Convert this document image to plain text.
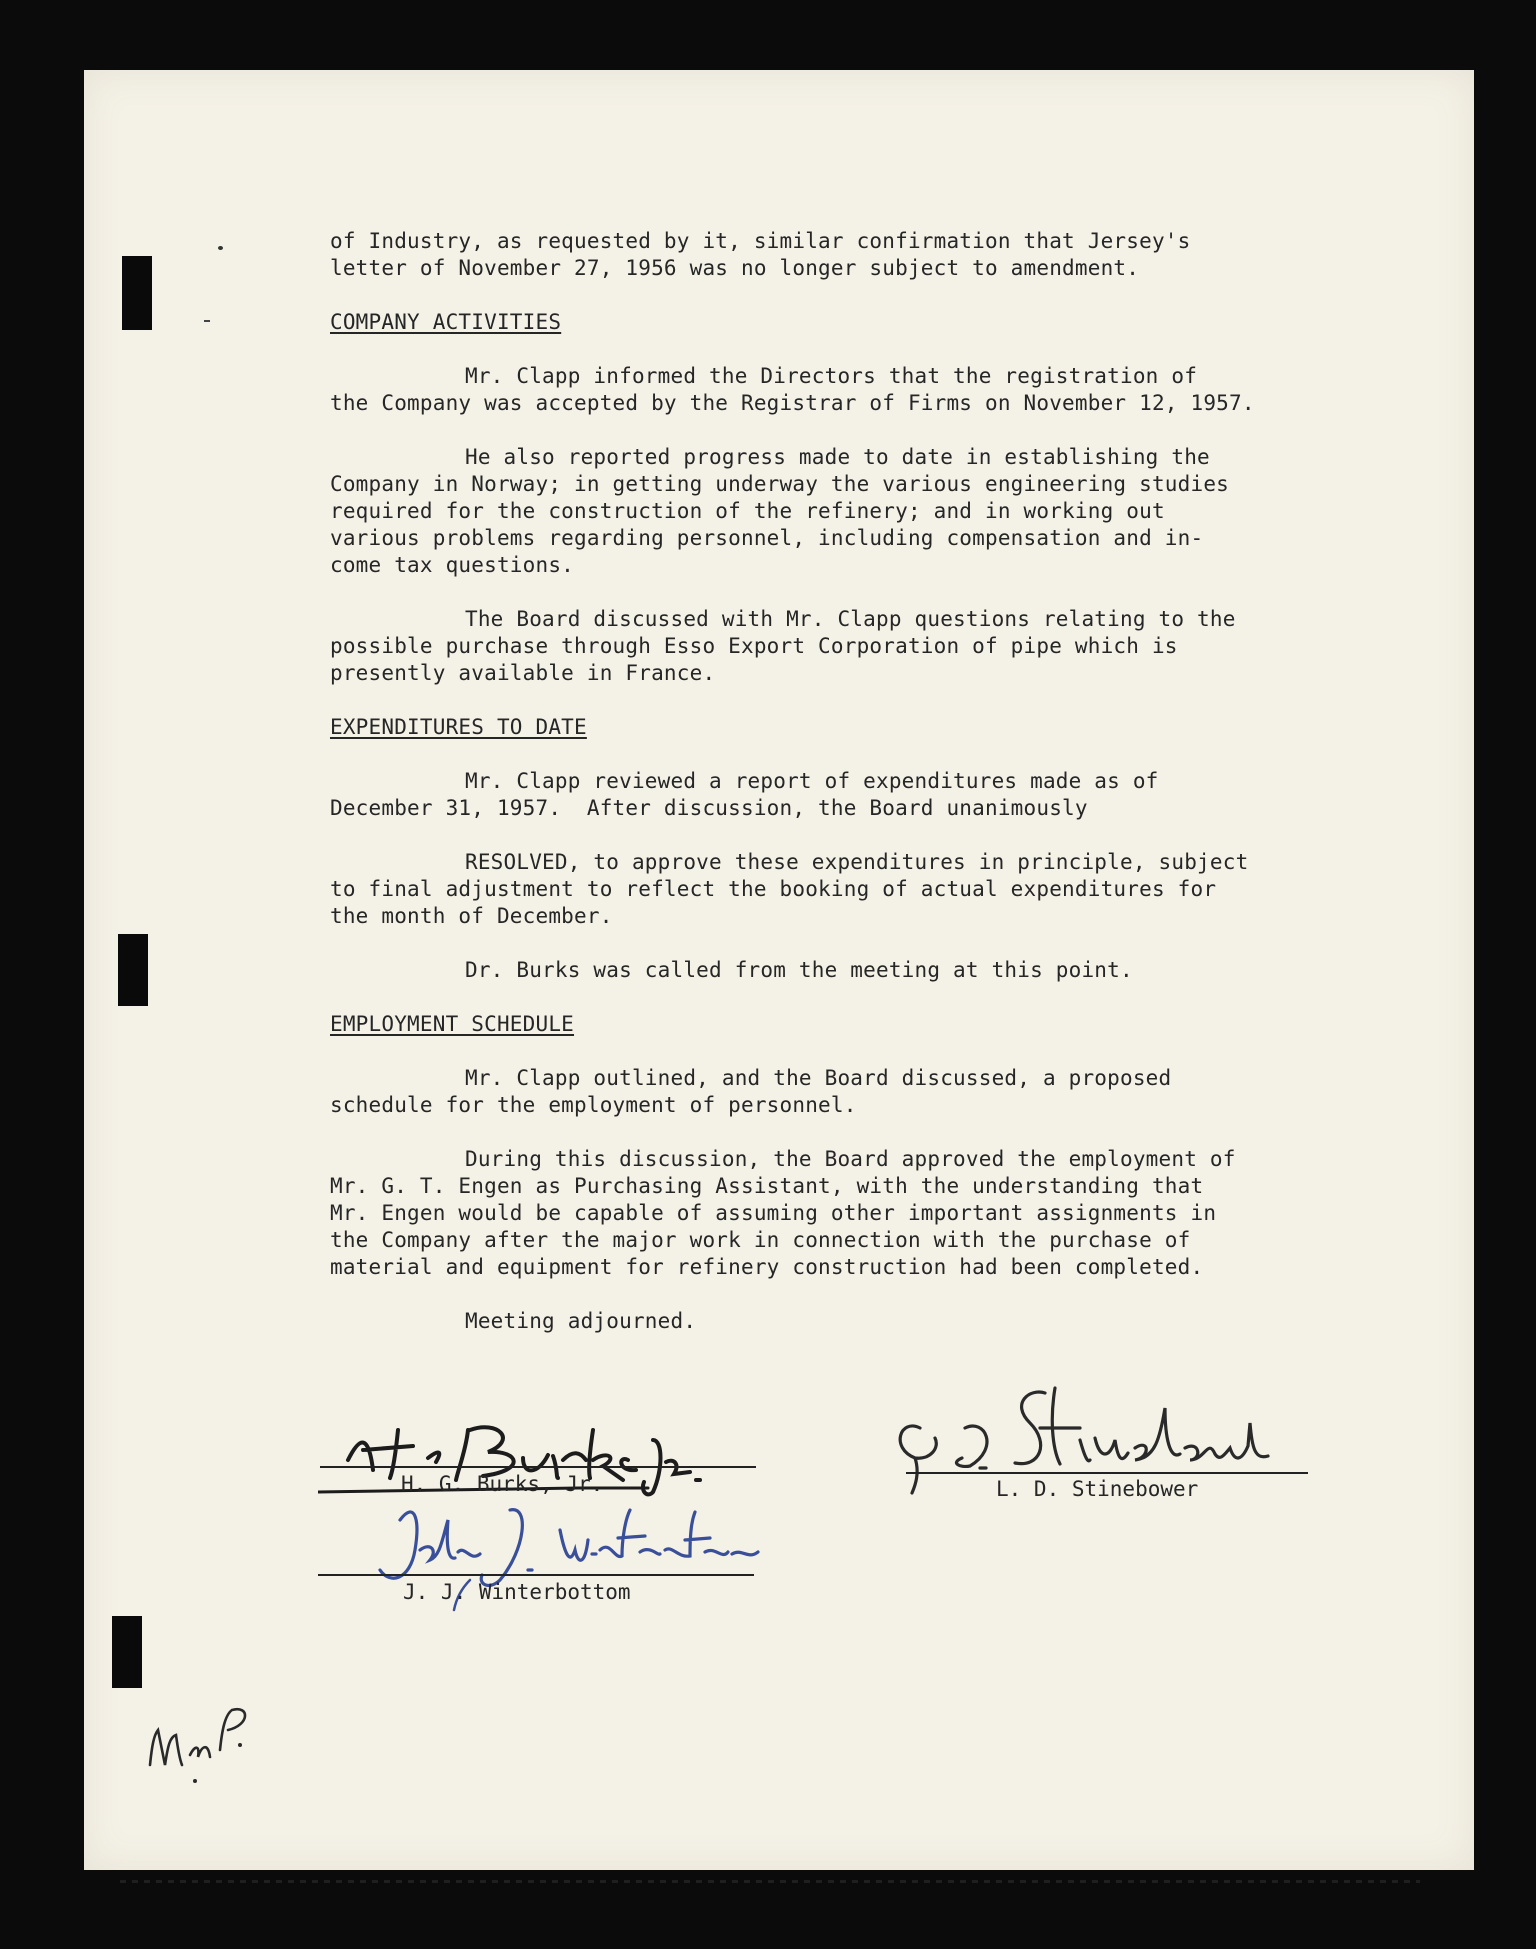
of Industry, as requested by it, similar confirmation that Jersey's
letter of November 27, 1956 was no longer subject to amendment.

COMPANY ACTIVITIES

Mr. Clapp informed the Directors that the registration of
the Company was accepted by the Registrar of Firms on November 12, 1957.

He also reported progress made to date in establishing the
Company in Norway; in getting underway the various engineering studies
required for the construction of the refinery; and in working out
various problems regarding personnel, including compensation and in-
come tax questions.

The Board discussed with Mr. Clapp questions relating to the
possible purchase through Esso Export Corporation of pipe which is
presently available in France.

EXPENDITURES TO DATE

Mr. Clapp reviewed a report of expenditures made as of
December 31, 1957.  After discussion, the Board unanimously

RESOLVED, to approve these expenditures in principle, subject
to final adjustment to reflect the booking of actual expenditures for
the month of December.

Dr. Burks was called from the meeting at this point.

EMPLOYMENT SCHEDULE

Mr. Clapp outlined, and the Board discussed, a proposed
schedule for the employment of personnel.

During this discussion, the Board approved the employment of
Mr. G. T. Engen as Purchasing Assistant, with the understanding that
Mr. Engen would be capable of assuming other important assignments in
the Company after the major work in connection with the purchase of
material and equipment for refinery construction had been completed.

Meeting adjourned.

H. G. Burks Jr.
H. G. Burks, Jr.
L. D. Stinebower
L. D. Stinebower
John J. Winterbottom
J. J. Winterbottom
MmP.
